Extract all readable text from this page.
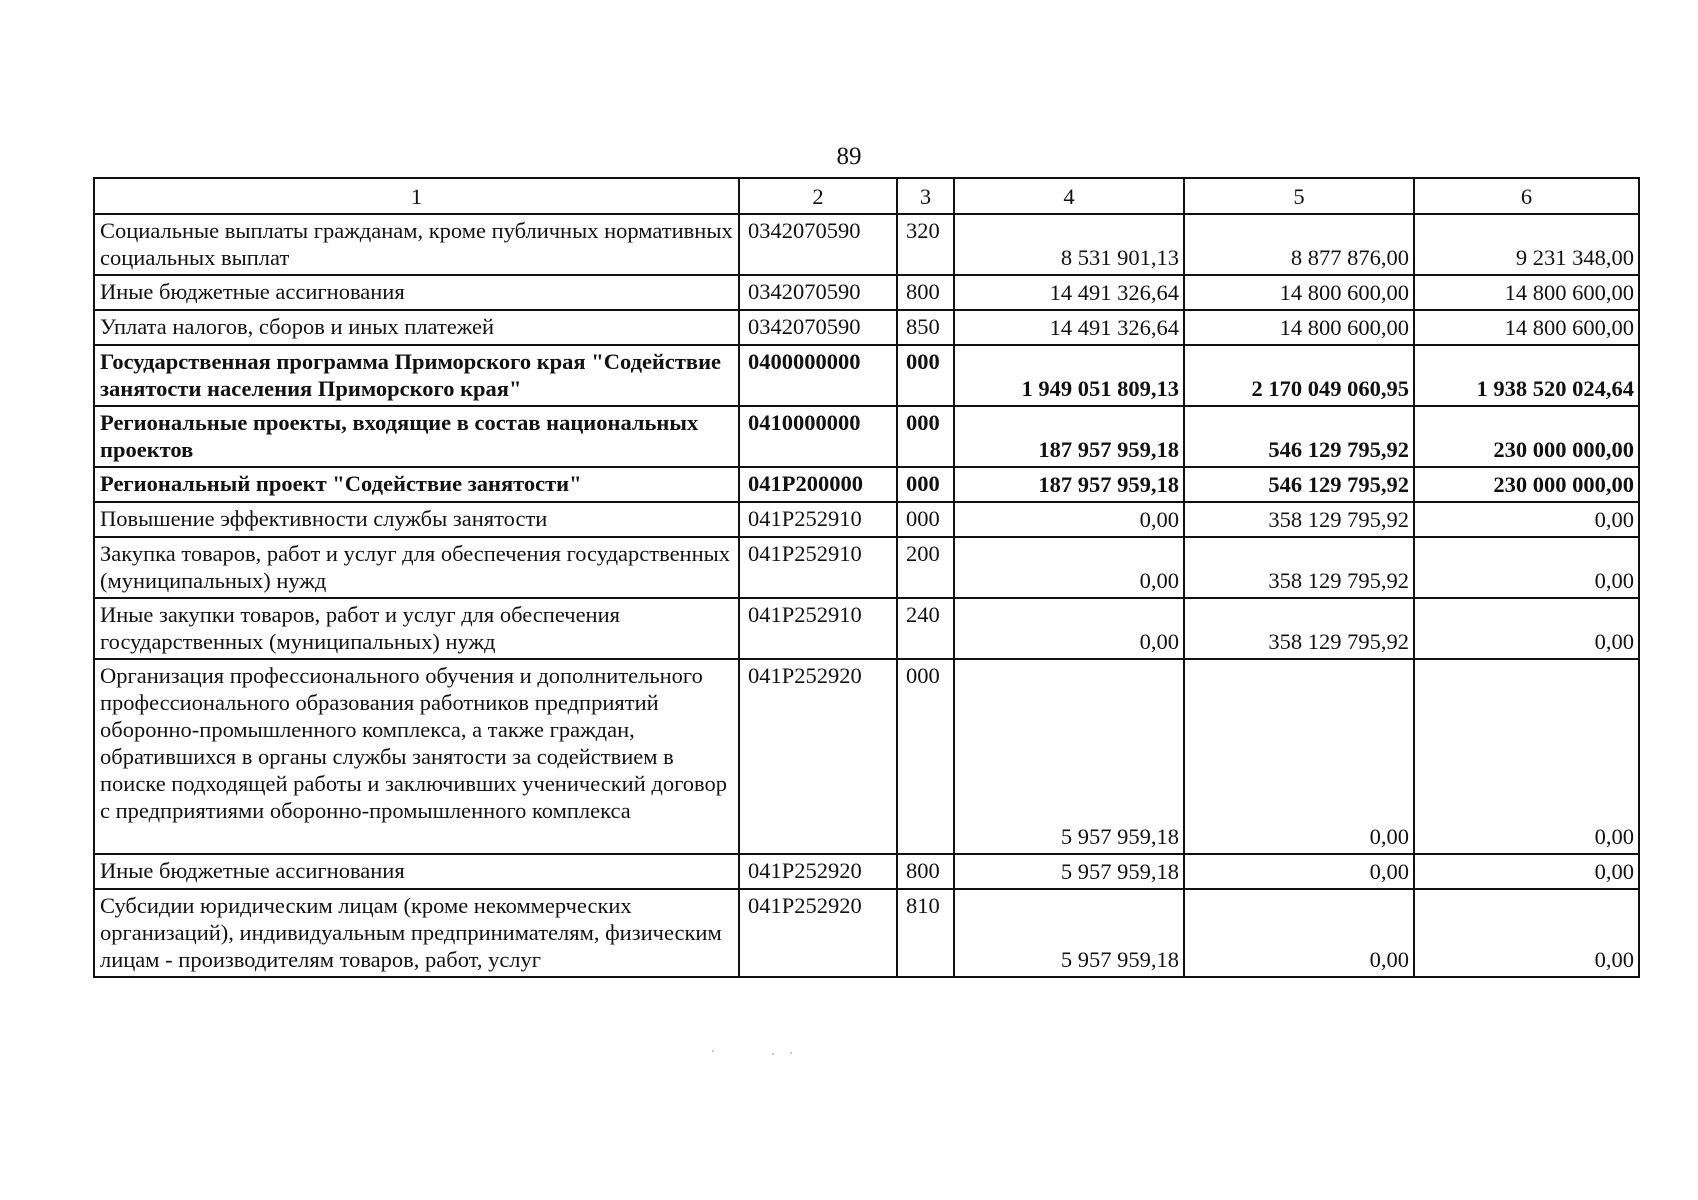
89
1	2	3	4	5	6
Социальные выплаты гражданам, кроме публичных нормативных социальных выплат	0342070590	320	8 531 901,13	8 877 876,00	9 231 348,00
Иные бюджетные ассигнования	0342070590	800	14 491 326,64	14 800 600,00	14 800 600,00
Уплата налогов, сборов и иных платежей	0342070590	850	14 491 326,64	14 800 600,00	14 800 600,00
Государственная программа Приморского края "Содействие занятости населения Приморского края"	0400000000	000	1 949 051 809,13	2 170 049 060,95	1 938 520 024,64
Региональные проекты, входящие в состав национальных проектов	0410000000	000	187 957 959,18	546 129 795,92	230 000 000,00
Региональный проект "Содействие занятости"	041P200000	000	187 957 959,18	546 129 795,92	230 000 000,00
Повышение эффективности службы занятости	041P252910	000	0,00	358 129 795,92	0,00
Закупка товаров, работ и услуг для обеспечения государственных (муниципальных) нужд	041P252910	200	0,00	358 129 795,92	0,00
Иные закупки товаров, работ и услуг для обеспечения государственных (муниципальных) нужд	041P252910	240	0,00	358 129 795,92	0,00
Организация профессионального обучения и дополнительного профессионального образования работников предприятий оборонно-промышленного комплекса, а также граждан, обратившихся в органы службы занятости за содействием в поиске подходящей работы и заключивших ученический договор с предприятиями оборонно-промышленного комплекса	041P252920	000	5 957 959,18	0,00	0,00
Иные бюджетные ассигнования	041P252920	800	5 957 959,18	0,00	0,00
Субсидии юридическим лицам (кроме некоммерческих организаций), индивидуальным предпринимателям, физическим лицам - производителям товаров, работ, услуг	041P252920	810	5 957 959,18	0,00	0,00
